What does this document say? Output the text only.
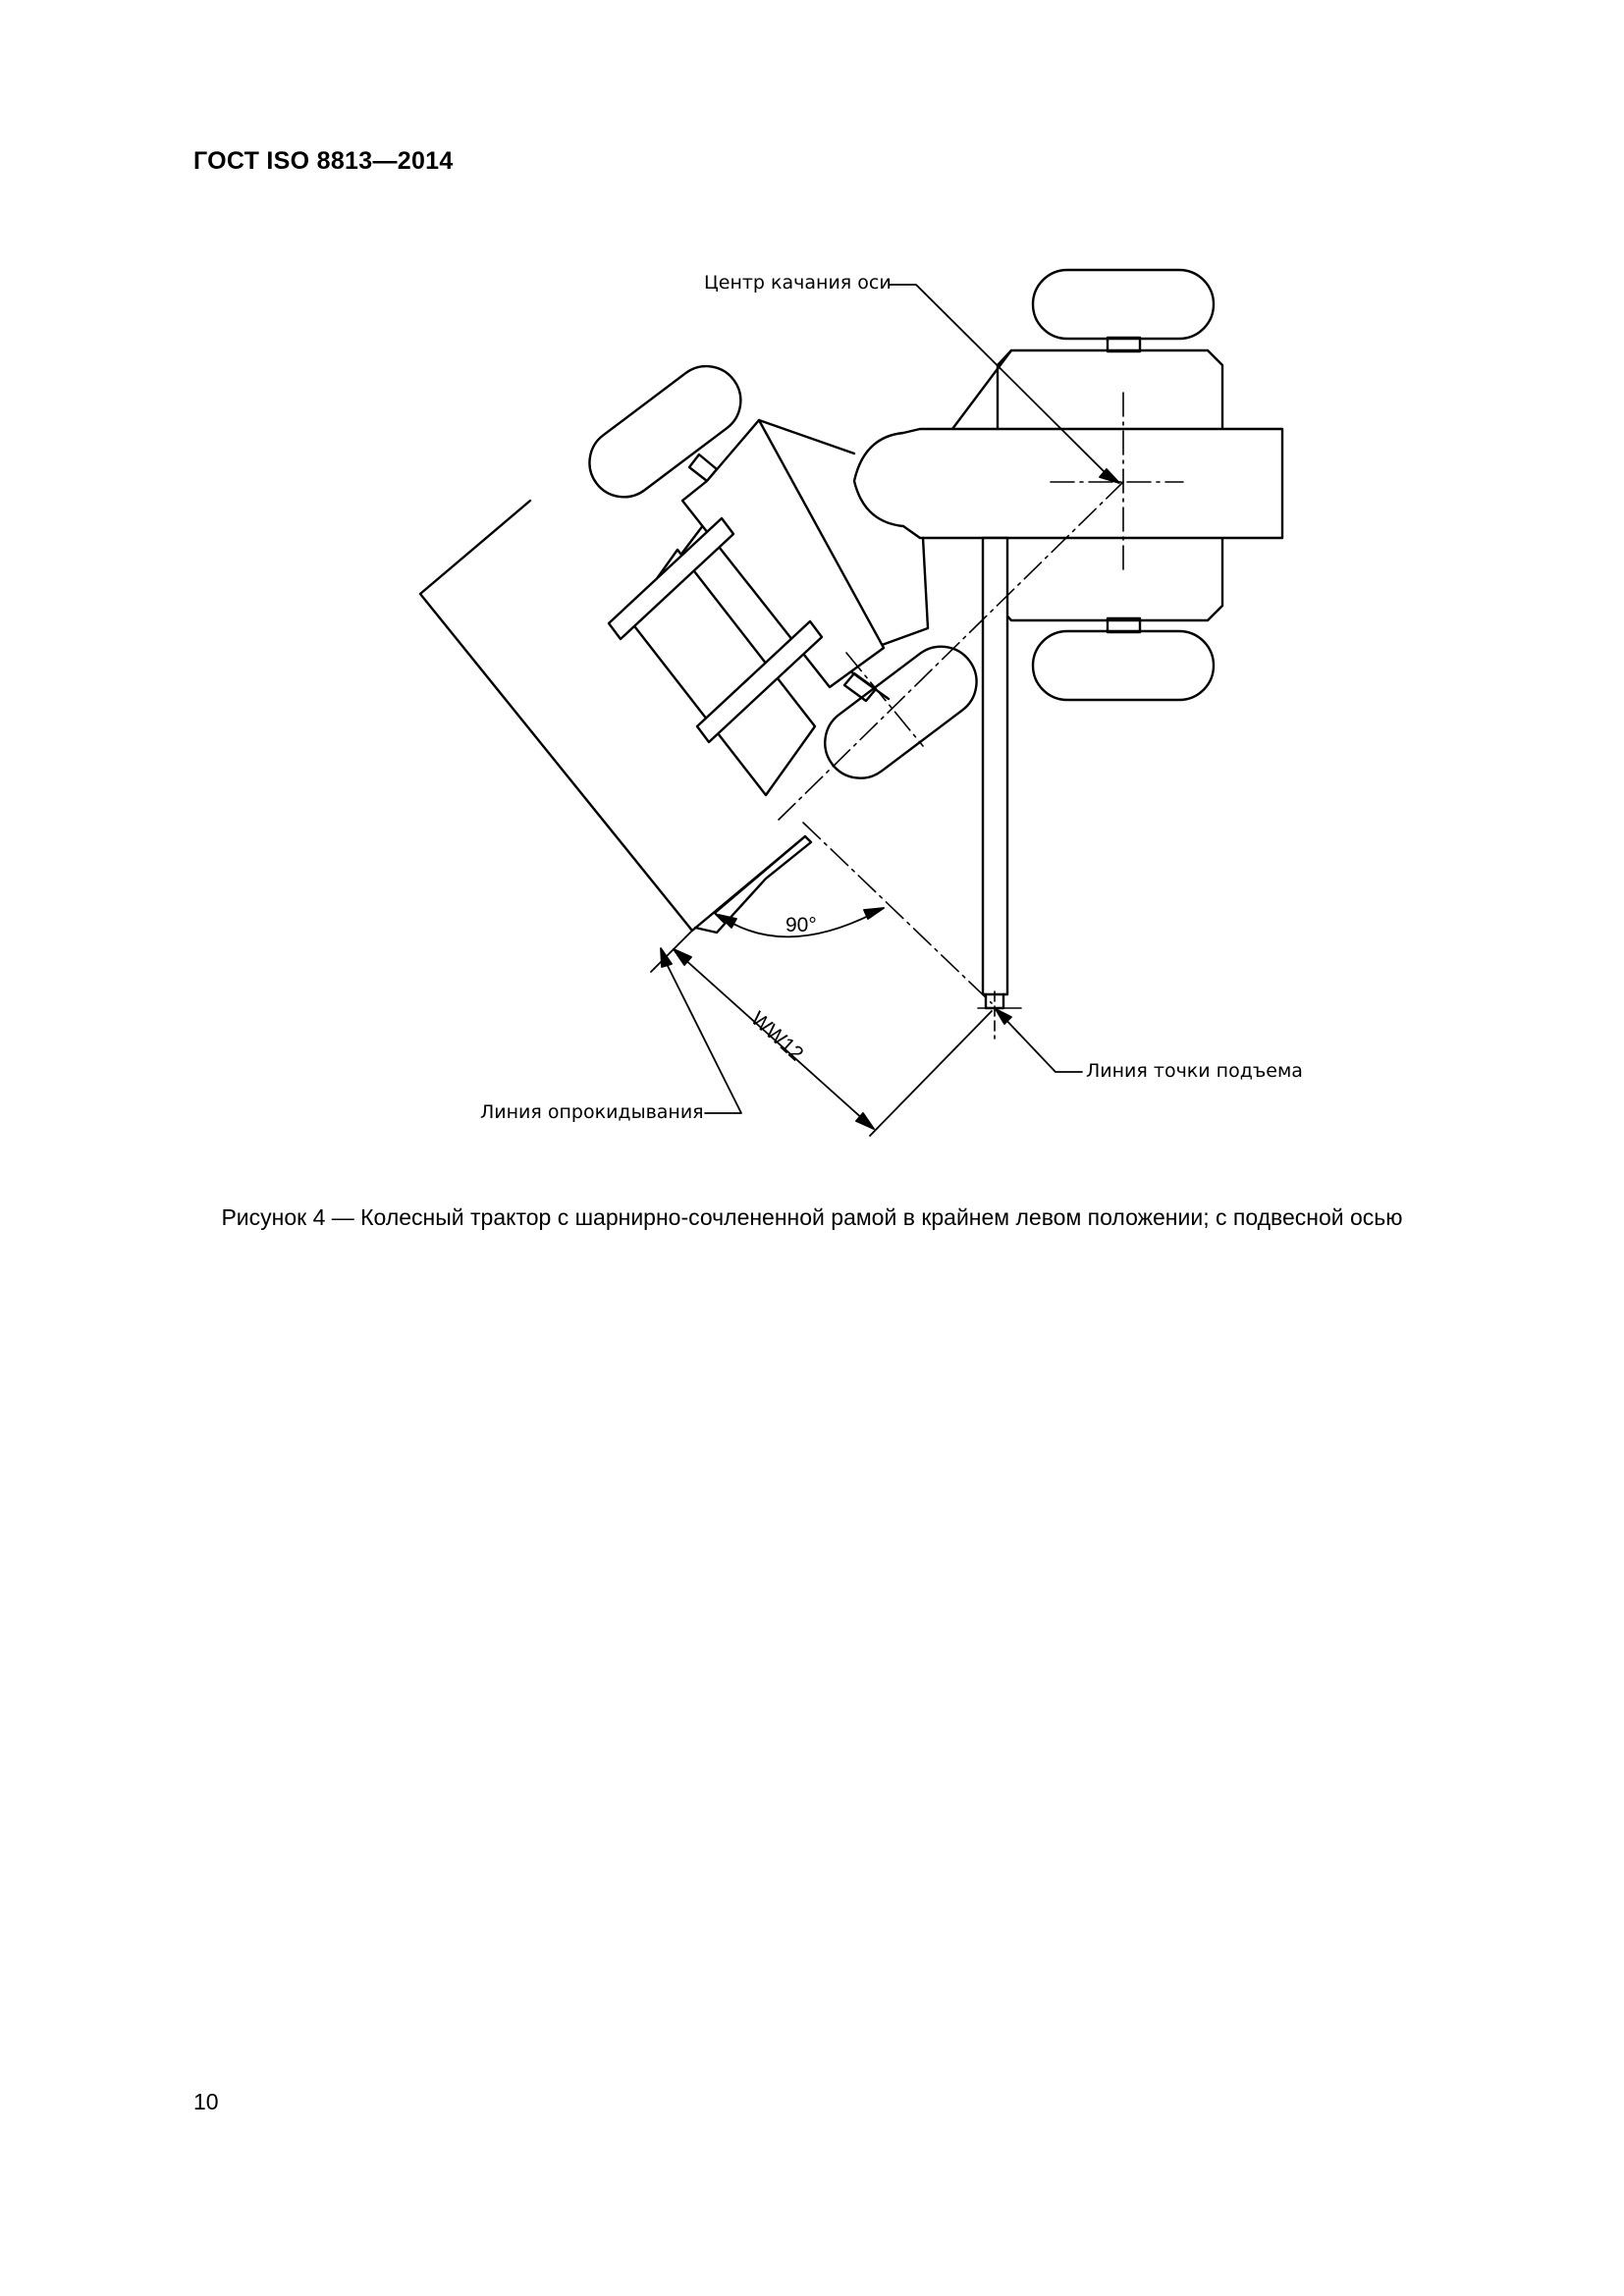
ГОСТ ISO 8813—2014
Центр качания оси
Линия опрокидывания
Линия точки подъема
90°
WW12

Рисунок 4 — Колесный трактор с шарнирно-сочлененной рамой в крайнем левом положении; с подвесной осью

10
